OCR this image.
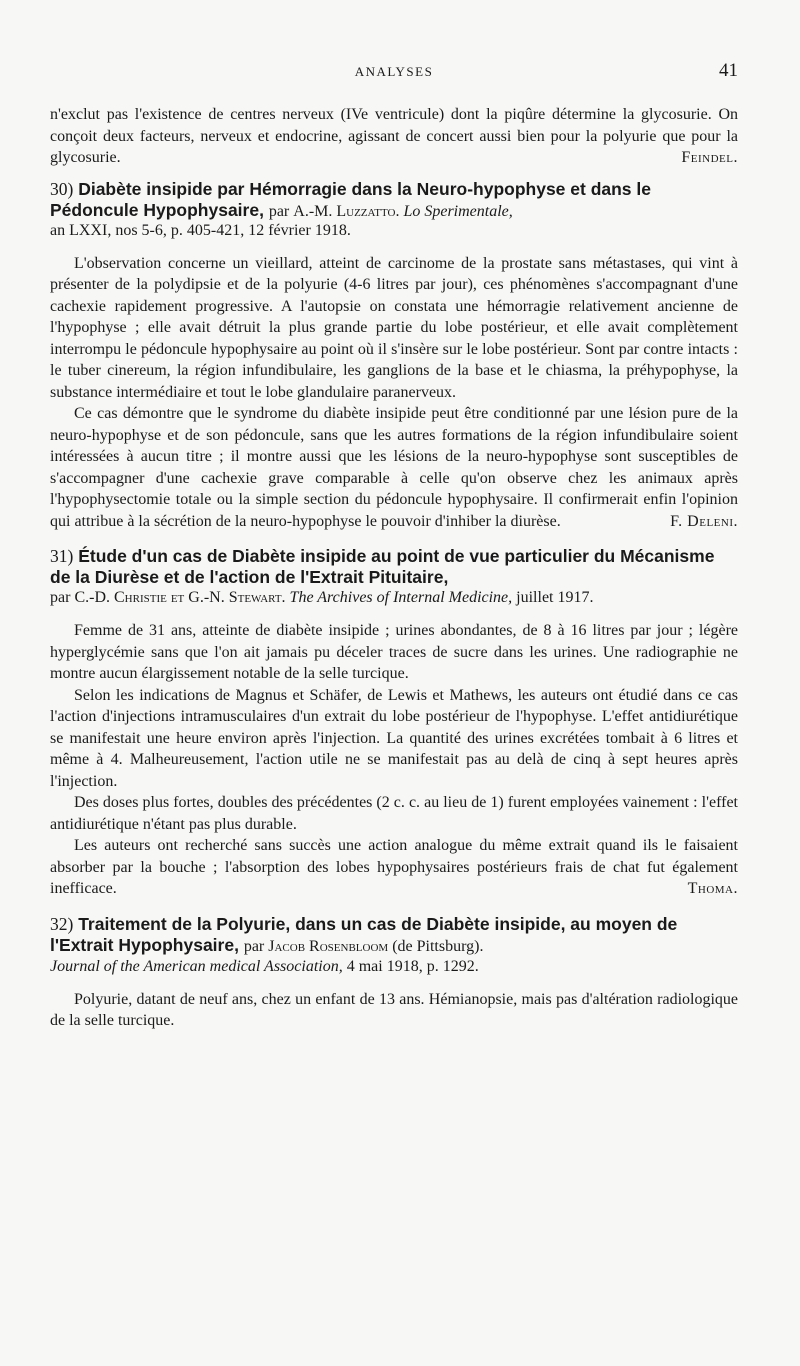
ANALYSES	41

n'exclut pas l'existence de centres nerveux (IVe ventricule) dont la piqûre détermine la glycosurie. On conçoit deux facteurs, nerveux et endocrine, agissant de concert aussi bien pour la polyurie que pour la glycosurie.	Feindel.

30) Diabète insipide par Hémorragie dans la Neuro-hypophyse et dans le Pédoncule Hypophysaire, par A.-M. Luzzatto. Lo Sperimentale,
an LXXI, nos 5-6, p. 405-421, 12 février 1918.

L'observation concerne un vieillard, atteint de carcinome de la prostate sans métastases, qui vint à présenter de la polydipsie et de la polyurie (4-6 litres par jour), ces phénomènes s'accompagnant d'une cachexie rapidement progressive. A l'autopsie on constata une hémorragie relativement ancienne de l'hypophyse ; elle avait détruit la plus grande partie du lobe postérieur, et elle avait complètement interrompu le pédoncule hypophysaire au point où il s'insère sur le lobe postérieur. Sont par contre intacts : le tuber cinereum, la région infundibulaire, les ganglions de la base et le chiasma, la préhypophyse, la substance intermédiaire et tout le lobe glandulaire paranerveux.

Ce cas démontre que le syndrome du diabète insipide peut être conditionné par une lésion pure de la neuro-hypophyse et de son pédoncule, sans que les autres formations de la région infundibulaire soient intéressées à aucun titre ; il montre aussi que les lésions de la neuro-hypophyse sont susceptibles de s'accompagner d'une cachexie grave comparable à celle qu'on observe chez les animaux après l'hypophysectomie totale ou la simple section du pédoncule hypophysaire. Il confirmerait enfin l'opinion qui attribue à la sécrétion de la neuro-hypophyse le pouvoir d'inhiber la diurèse.	F. Deleni.

31) Étude d'un cas de Diabète insipide au point de vue particulier du Mécanisme de la Diurèse et de l'action de l'Extrait Pituitaire,
par C.-D. Christie et G.-N. Stewart. The Archives of Internal Medicine, juillet 1917.

Femme de 31 ans, atteinte de diabète insipide ; urines abondantes, de 8 à 16 litres par jour ; légère hyperglycémie sans que l'on ait jamais pu déceler traces de sucre dans les urines. Une radiographie ne montre aucun élargissement notable de la selle turcique.

Selon les indications de Magnus et Schäfer, de Lewis et Mathews, les auteurs ont étudié dans ce cas l'action d'injections intramusculaires d'un extrait du lobe postérieur de l'hypophyse. L'effet antidiurétique se manifestait une heure environ après l'injection. La quantité des urines excrétées tombait à 6 litres et même à 4. Malheureusement, l'action utile ne se manifestait pas au delà de cinq à sept heures après l'injection.

Des doses plus fortes, doubles des précédentes (2 c. c. au lieu de 1) furent employées vainement : l'effet antidiurétique n'étant pas plus durable.

Les auteurs ont recherché sans succès une action analogue du même extrait quand ils le faisaient absorber par la bouche ; l'absorption des lobes hypophysaires postérieurs frais de chat fut également inefficace.	Thoma.

32) Traitement de la Polyurie, dans un cas de Diabète insipide, au moyen de l'Extrait Hypophysaire, par Jacob Rosenbloom (de Pittsburg).
Journal of the American medical Association, 4 mai 1918, p. 1292.

Polyurie, datant de neuf ans, chez un enfant de 13 ans. Hémianopsie, mais pas d'altération radiologique de la selle turcique.
